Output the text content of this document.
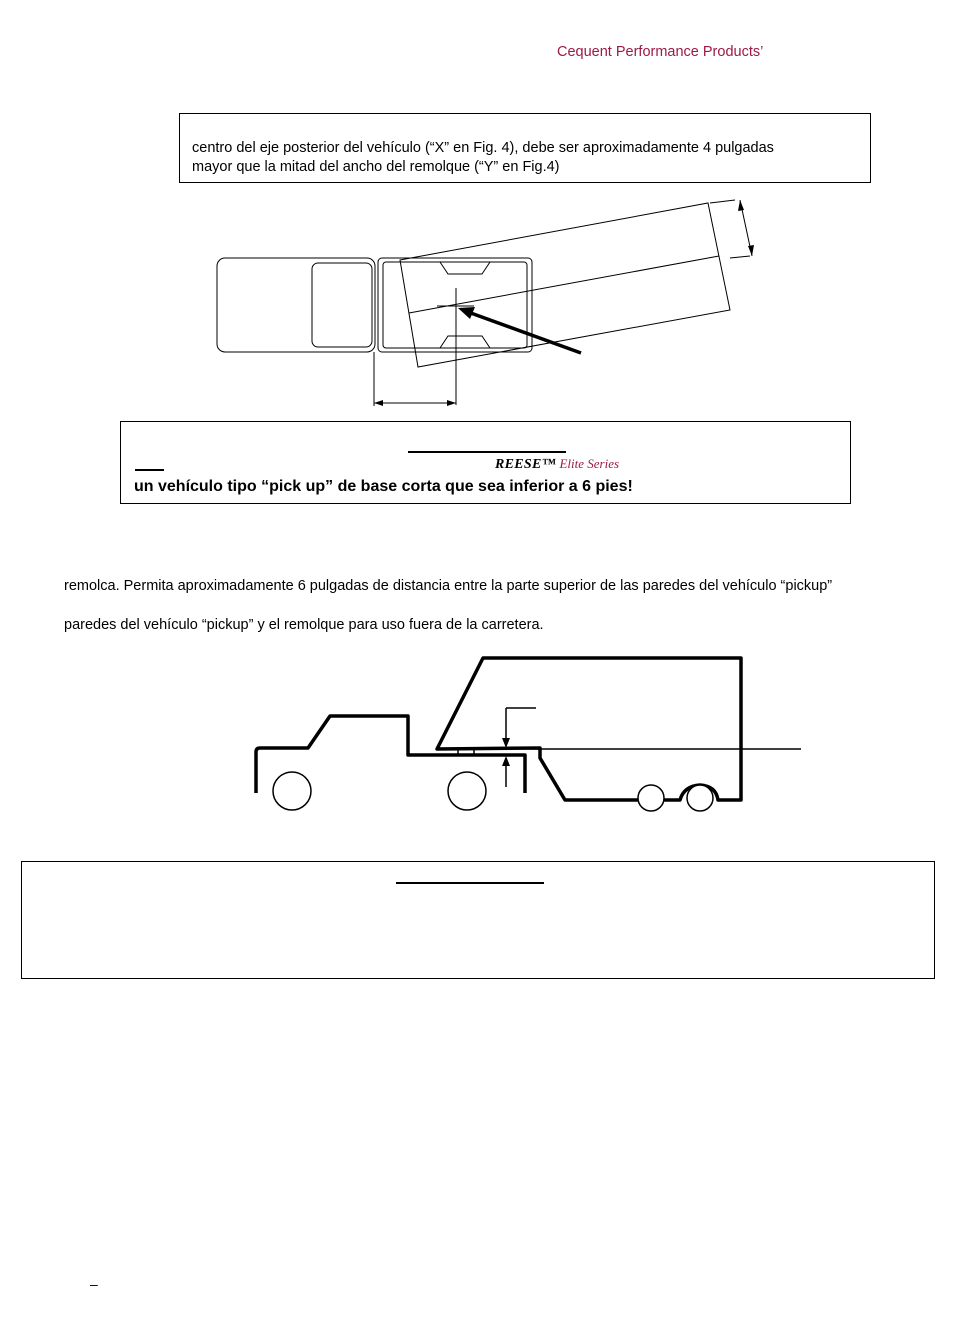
Cequent Performance Products’
centro del eje posterior del vehículo (“X” en Fig. 4), debe ser aproximadamente 4 pulgadas
mayor que la mitad del ancho del remolque (“Y” en Fig.4)
REESE™ Elite Series
un vehículo tipo “pick up” de base corta que sea inferior a 6 pies!
remolca. Permita aproximadamente 6 pulgadas de distancia entre la parte superior de las paredes del vehículo “pickup”
paredes del vehículo “pickup” y el remolque para uso fuera de la carretera.
–
